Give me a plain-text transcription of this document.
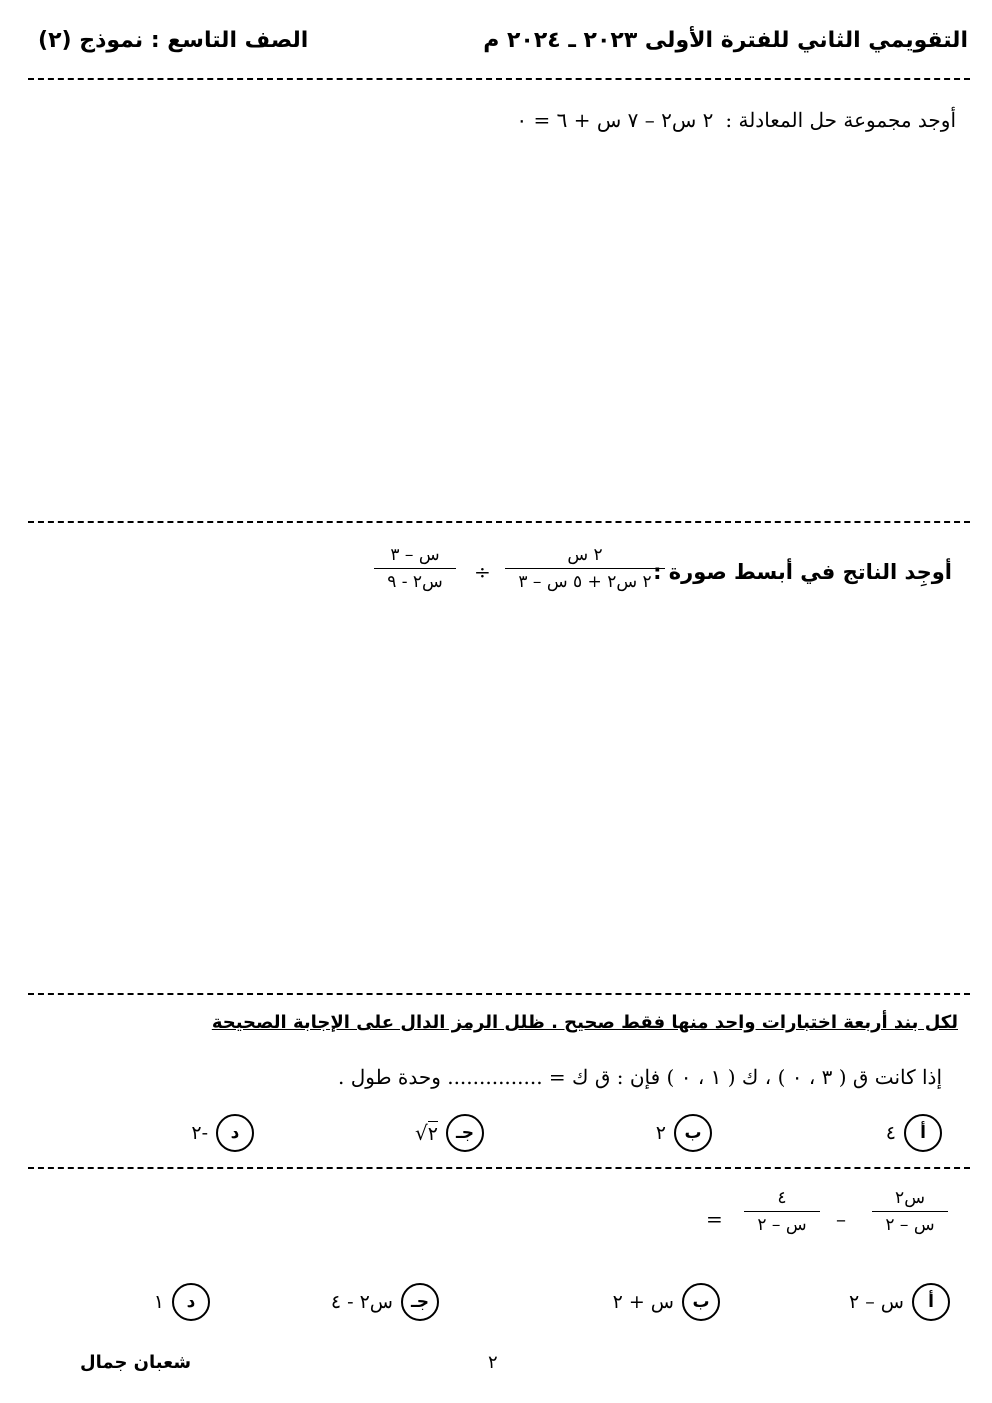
التقويمي الثاني للفترة الأولى ٢٠٢٣ ـ ٢٠٢٤ م
الصف التاسع : نموذج (٢)
أوجد مجموعة حل المعادلة :
٢ س٢ – ٧ س + ٦ = ٠
أوجِد الناتج في أبسط صورة :
٢ س
٢ س٢ + ٥ س – ٣
÷
س – ٣
س٢ - ٩
لكل بند أربعة اختبارات واحد منها فقط صحيح . ظلل الرمز الدال على الإجابة الصحيحة
إذا كانت ق ( ٣ ، ٠ ) ، ك ( ١ ، ٠ ) فإن : ق ك = ............... وحدة طول .
أ
٤
ب
٢
جـ
√ ٢
د
-٢
س٢
س – ٢
–
٤
س – ٢
=
أ
س – ٢
ب
س + ٢
جـ
س٢ - ٤
د
١
٢
شعبان جمال
